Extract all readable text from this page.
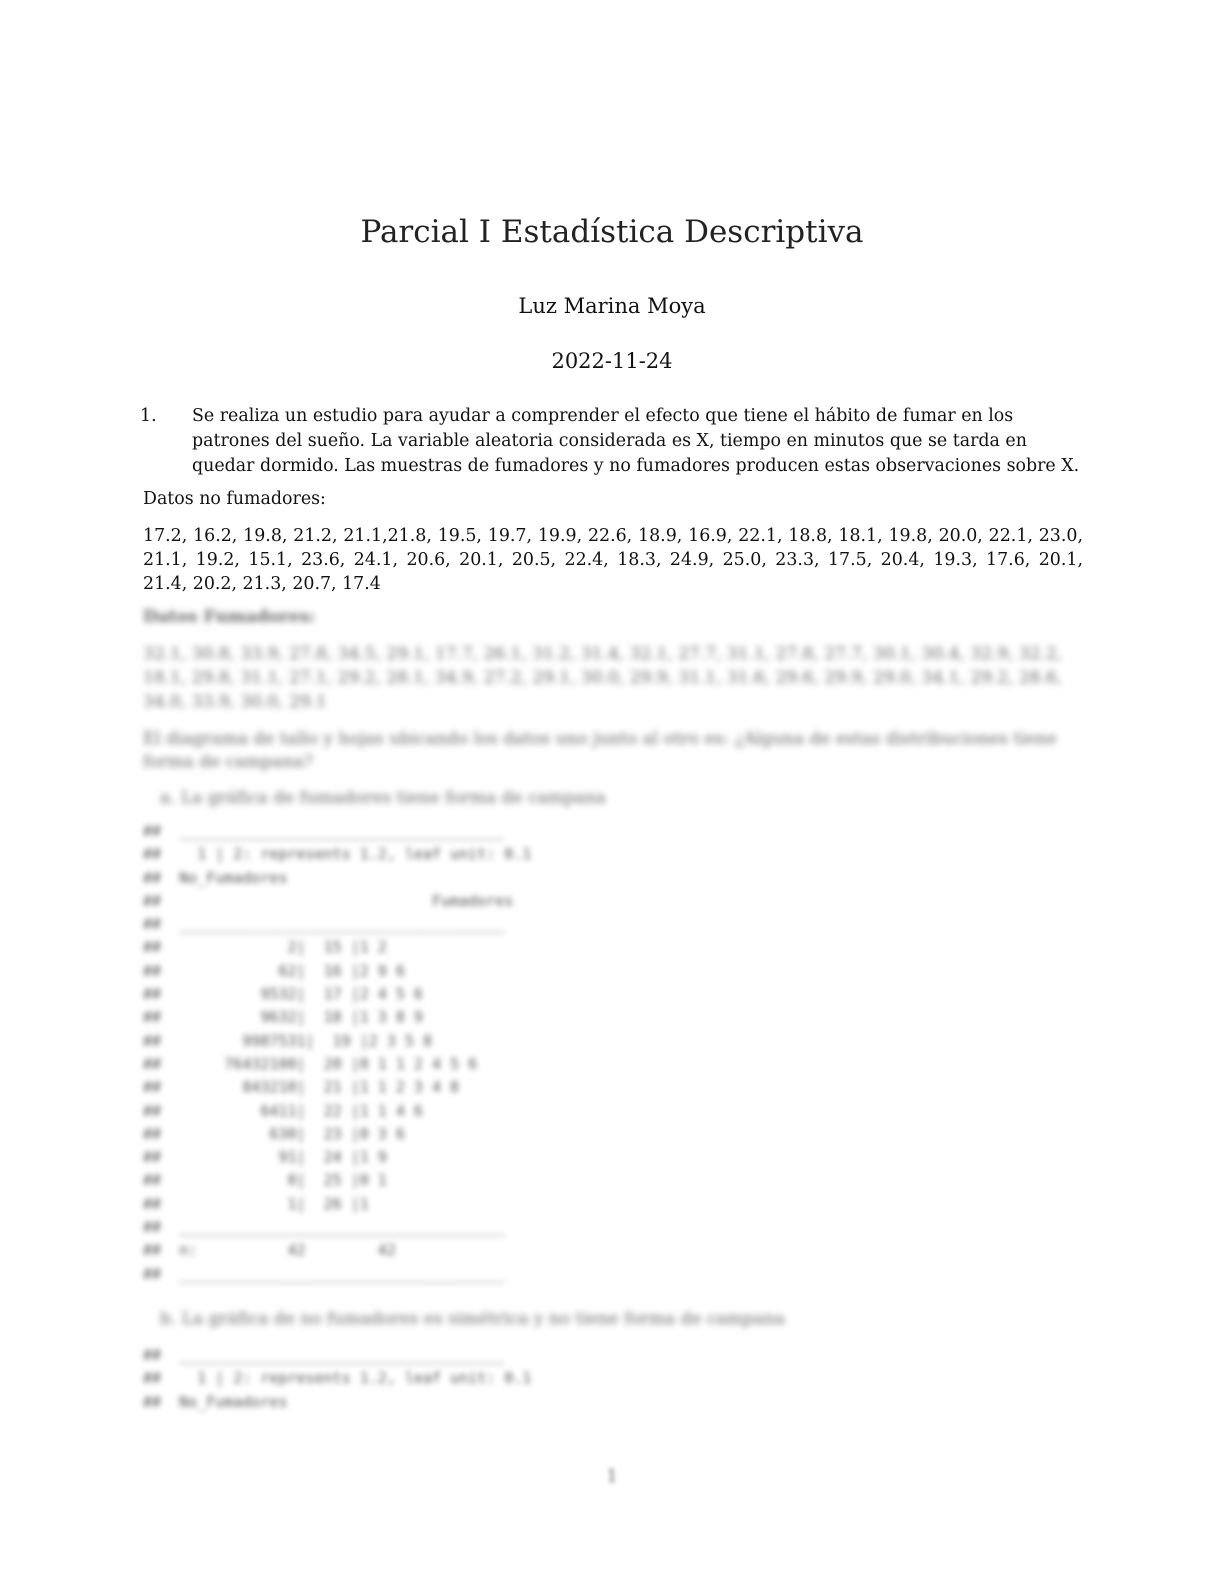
Parcial I Estadística Descriptiva
Luz Marina Moya
2022-11-24
1.	Se realiza un estudio para ayudar a comprender el efecto que tiene el hábito de fumar en los patrones del sueño. La variable aleatoria considerada es X, tiempo en minutos que se tarda en quedar dormido. Las muestras de fumadores y no fumadores producen estas observaciones sobre X.
Datos no fumadores:
17.2, 16.2, 19.8, 21.2, 21.1,21.8, 19.5, 19.7, 19.9, 22.6, 18.9, 16.9, 22.1, 18.8, 18.1, 19.8, 20.0, 22.1, 23.0, 21.1, 19.2, 15.1, 23.6, 24.1, 20.6, 20.1, 20.5, 22.4, 18.3, 24.9, 25.0, 23.3, 17.5, 20.4, 19.3, 17.6, 20.1, 21.4, 20.2, 21.3, 20.7, 17.4
Datos Fumadores:
32.1, 30.8, 33.9, 27.8, 34.5, 29.1, 17.7, 26.1, 31.2, 31.4, 32.1, 27.7, 31.1, 27.8, 27.7, 30.1, 30.4, 32.9, 32.2, 18.1, 29.8, 31.1, 27.1, 29.2, 28.1, 34.9, 27.2, 29.1, 30.0, 29.9, 31.1, 31.6, 29.6, 29.9, 29.0, 34.1, 29.2, 28.6, 34.0, 33.9, 30.0, 29.1
El diagrama de tallo y hojas ubicando los datos uno junto al otro es: ¿Alguna de estas distribuciones tiene forma de campana?
a. La gráfica de fumadores tiene forma de campana
##  ____________________________________
##    1 | 2: represents 1.2, leaf unit: 0.1
##  No_Fumadores
##                              Fumadores
##  ____________________________________
##              2|  15 |1 2
##             62|  16 |2 9 6
##           9532|  17 |2 4 5 6
##           9632|  18 |1 3 8 9
##         9987531|  19 |2 3 5 8
##       76432100|  20 |0 1 1 2 4 5 6
##         843210|  21 |1 1 2 3 4 8
##           6411|  22 |1 1 4 6
##            630|  23 |0 3 6
##             91|  24 |1 9
##              0|  25 |0 1
##              1|  26 |1
##  ____________________________________
##  n:          42        42
##  ____________________________________
b. La gráfica de no fumadores es simétrica y no tiene forma de campana
##  ____________________________________
##    1 | 2: represents 1.2, leaf unit: 0.1
##  No_Fumadores
1
